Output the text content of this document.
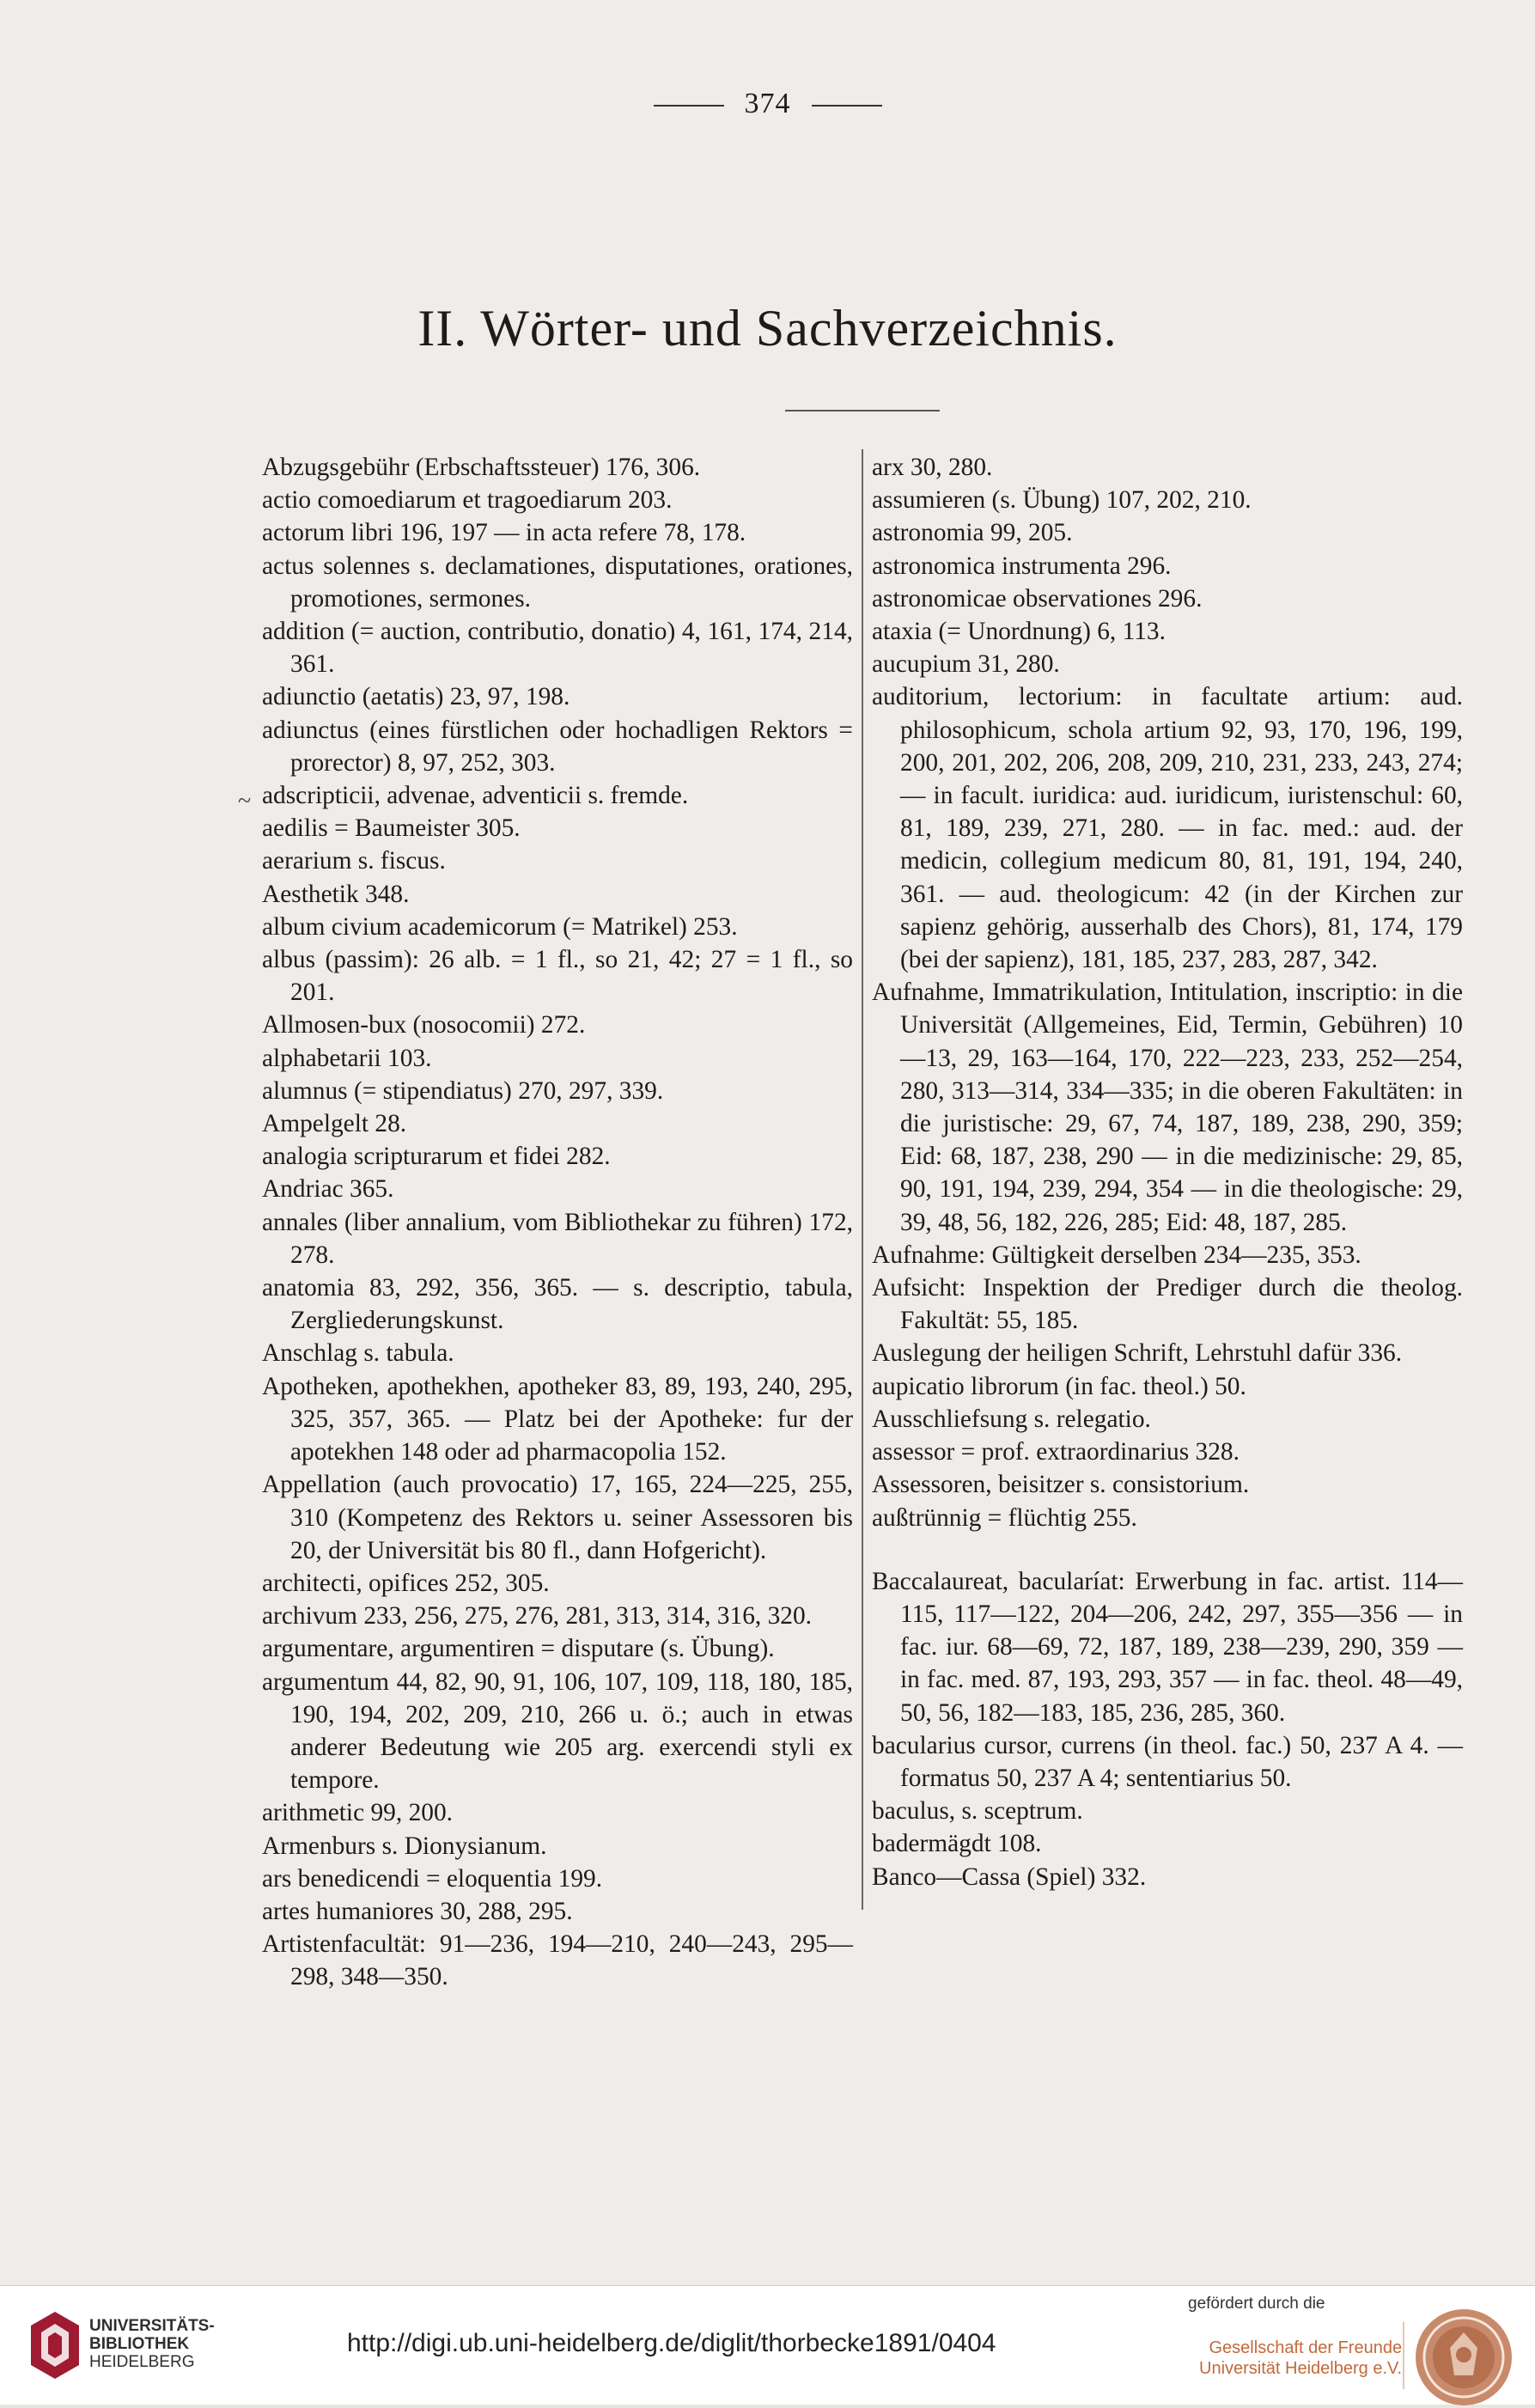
374
II. Wörter- und Sachverzeichnis.
~

Abzugsgebühr (Erbschaftssteuer) 176, 306.

actio comoediarum et tragoediarum 203.

actorum libri 196, 197 — in acta refere 78, 178.

actus solennes s. declamationes, disputationes, orationes, promotiones, sermones.

addition (= auction, contributio, donatio) 4, 161, 174, 214, 361.

adiunctio (aetatis) 23, 97, 198.

adiunctus (eines fürstlichen oder hochadligen Rektors = prorector) 8, 97, 252, 303.

adscripticii, advenae, adventicii s. fremde.

aedilis = Baumeister 305.

aerarium s. fiscus.

Aesthetik 348.

album civium academicorum (= Matrikel) 253.

albus (passim): 26 alb. = 1 fl., so 21, 42; 27 = 1 fl., so 201.

Allmosen-bux (nosocomii) 272.

alphabetarii 103.

alumnus (= stipendiatus) 270, 297, 339.

Ampelgelt 28.

analogia scripturarum et fidei 282.

Andriac 365.

annales (liber annalium, vom Bibliothekar zu führen) 172, 278.

anatomia 83, 292, 356, 365. — s. descriptio, tabula, Zergliederungskunst.

Anschlag s. tabula.

Apotheken, apothekhen, apotheker 83, 89, 193, 240, 295, 325, 357, 365. — Platz bei der Apotheke: fur der apotekhen 148 oder ad pharmacopolia 152.

Appellation (auch provocatio) 17, 165, 224—225, 255, 310 (Kompetenz des Rektors u. seiner Assessoren bis 20, der Universität bis 80 fl., dann Hofgericht).

architecti, opifices 252, 305.

archivum 233, 256, 275, 276, 281, 313, 314, 316, 320.

argumentare, argumentiren = disputare (s. Übung).

argumentum 44, 82, 90, 91, 106, 107, 109, 118, 180, 185, 190, 194, 202, 209, 210, 266 u. ö.; auch in etwas anderer Bedeutung wie 205 arg. exercendi styli ex tempore.

arithmetic 99, 200.

Armenburs s. Dionysianum.

ars benedicendi = eloquentia 199.

artes humaniores 30, 288, 295.

Artistenfacultät: 91—236, 194—210, 240—243, 295—298, 348—350.

arx 30, 280.

assumieren (s. Übung) 107, 202, 210.

astronomia 99, 205.

astronomica instrumenta 296.

astronomicae observationes 296.

ataxia (= Unordnung) 6, 113.

aucupium 31, 280.

auditorium, lectorium: in facultate artium: aud. philosophicum, schola artium 92, 93, 170, 196, 199, 200, 201, 202, 206, 208, 209, 210, 231, 233, 243, 274; — in facult. iuridica: aud. iuridicum, iuristenschul: 60, 81, 189, 239, 271, 280. — in fac. med.: aud. der medicin, collegium medicum 80, 81, 191, 194, 240, 361. — aud. theologicum: 42 (in der Kirchen zur sapienz gehörig, ausserhalb des Chors), 81, 174, 179 (bei der sapienz), 181, 185, 237, 283, 287, 342.

Aufnahme, Immatrikulation, Intitulation, inscriptio: in die Universität (Allgemeines, Eid, Termin, Gebühren) 10—13, 29, 163—164, 170, 222—223, 233, 252—254, 280, 313—314, 334—335; in die oberen Fakultäten: in die juristische: 29, 67, 74, 187, 189, 238, 290, 359; Eid: 68, 187, 238, 290 — in die medizinische: 29, 85, 90, 191, 194, 239, 294, 354 — in die theologische: 29, 39, 48, 56, 182, 226, 285; Eid: 48, 187, 285.

Aufnahme: Gültigkeit derselben 234—235, 353.

Aufsicht: Inspektion der Prediger durch die theolog. Fakultät: 55, 185.

Auslegung der heiligen Schrift, Lehrstuhl dafür 336.

aupicatio librorum (in fac. theol.) 50.

Ausschliefsung s. relegatio.

assessor = prof. extraordinarius 328.

Assessoren, beisitzer s. consistorium.

außtrünnig = flüchtig 255.

Baccalaureat, bacularíat: Erwerbung in fac. artist. 114—115, 117—122, 204—206, 242, 297, 355—356 — in fac. iur. 68—69, 72, 187, 189, 238—239, 290, 359 — in fac. med. 87, 193, 293, 357 — in fac. theol. 48—49, 50, 56, 182—183, 185, 236, 285, 360.

bacularius cursor, currens (in theol. fac.) 50, 237 A 4. — formatus 50, 237 A 4; sententiarius 50.

baculus, s. sceptrum.

badermägdt 108.

Banco—Cassa (Spiel) 332.

UNIVERSITÄTS-
BIBLIOTHEK
HEIDELBERG
http://digi.ub.uni-heidelberg.de/diglit/thorbecke1891/0404
gefördert durch die
Gesellschaft der Freunde
Universität Heidelberg e.V.
